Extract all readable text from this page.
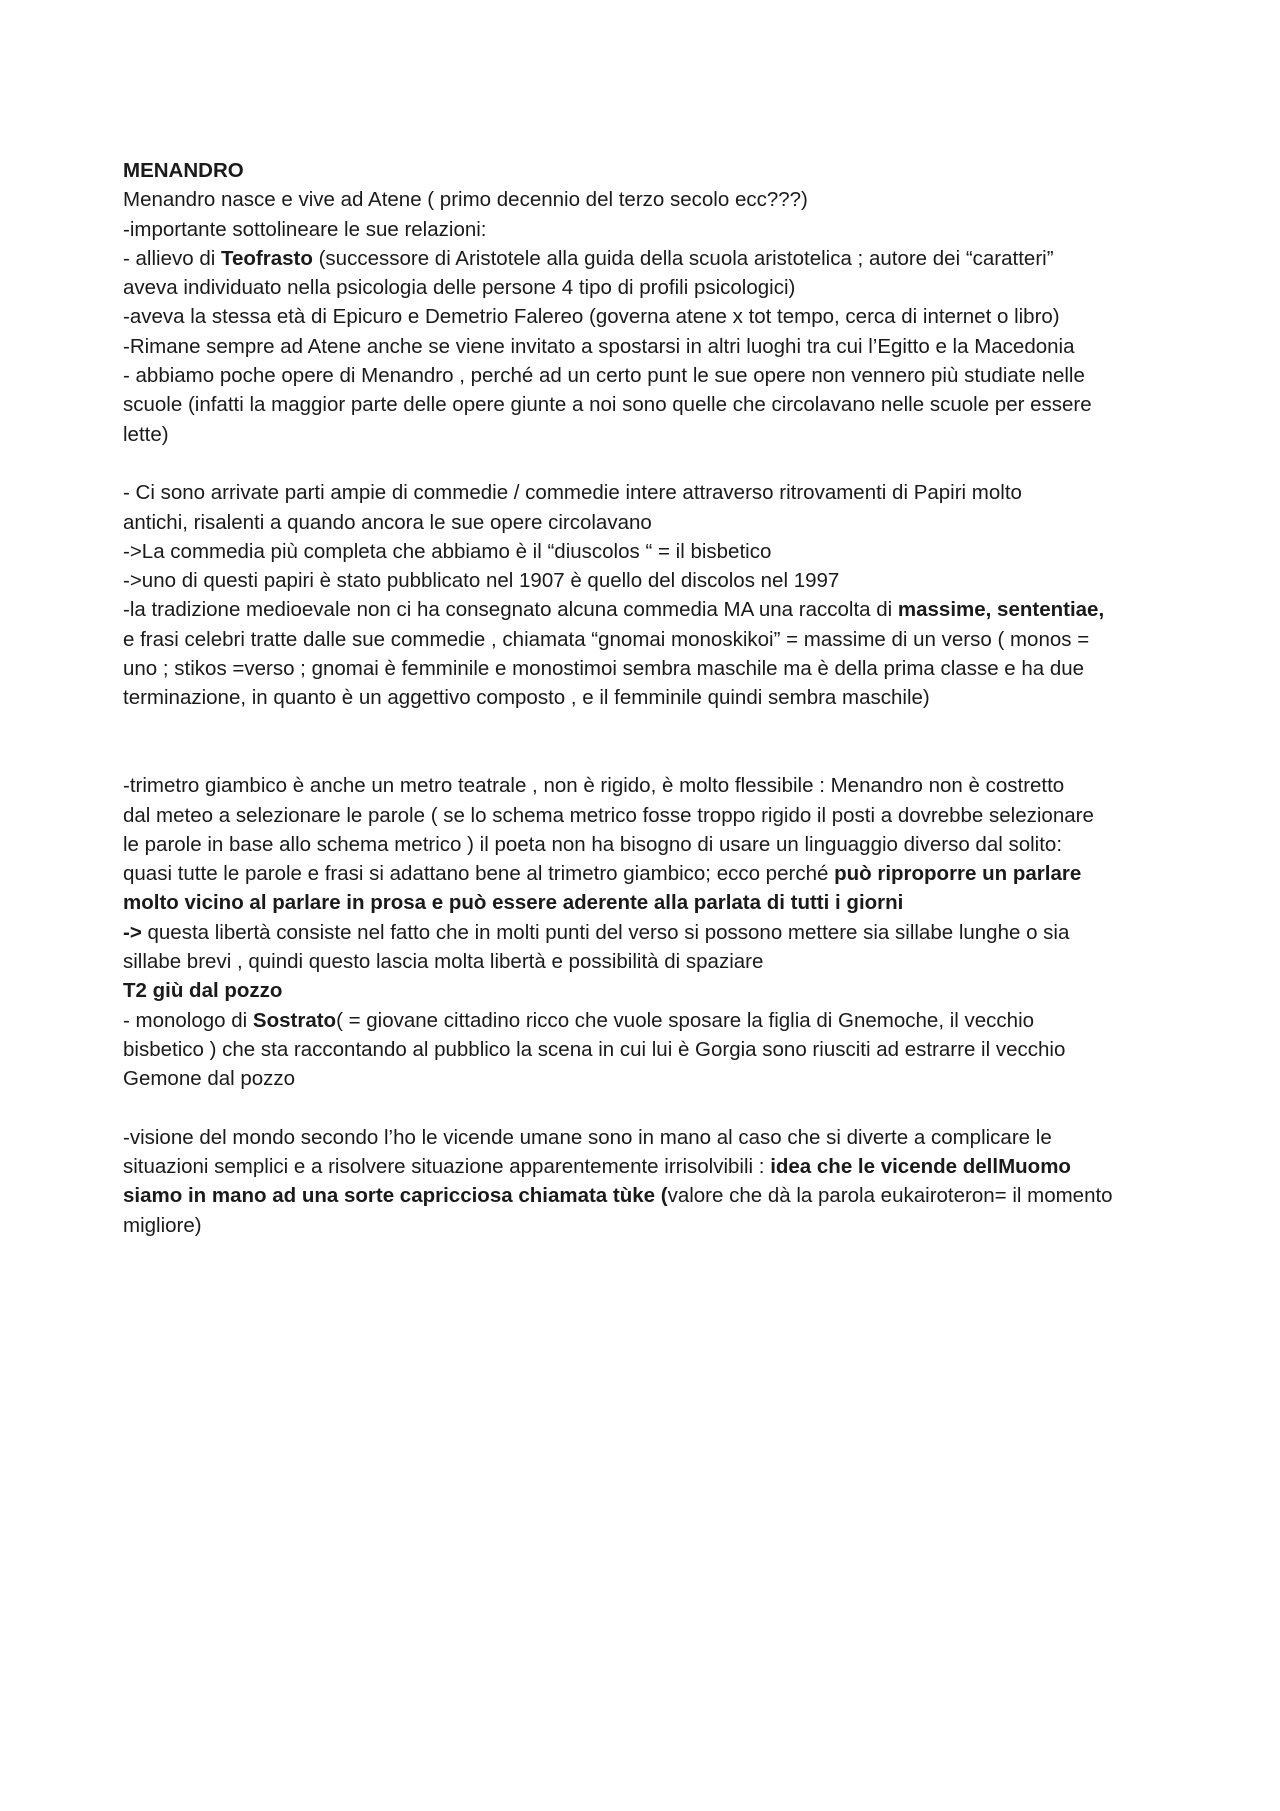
MENANDRO
Menandro nasce e vive ad Atene ( primo decennio del terzo secolo ecc???)
-importante sottolineare le sue relazioni:
- allievo di Teofrasto (successore di Aristotele alla guida della scuola aristotelica ; autore dei “caratteri”
aveva individuato nella psicologia delle persone 4 tipo di profili psicologici)
-aveva la stessa età di Epicuro e Demetrio Falereo (governa atene x tot tempo, cerca di internet o libro)
-Rimane sempre ad Atene anche se viene invitato a spostarsi in altri luoghi tra cui l’Egitto e la Macedonia
- abbiamo poche opere di Menandro , perché ad un certo punt le sue opere non vennero più studiate nelle
scuole (infatti la maggior parte delle opere giunte a noi sono quelle che circolavano nelle scuole per essere
lette)
- Ci sono arrivate parti ampie di commedie / commedie intere attraverso ritrovamenti di Papiri molto
antichi, risalenti a quando ancora le sue opere circolavano
->La commedia più completa che abbiamo è il “diuscolos “ = il bisbetico
->uno di questi papiri è stato pubblicato nel 1907 è quello del discolos nel 1997
-la tradizione medioevale non ci ha consegnato alcuna commedia MA una raccolta di massime, sententiae,
e frasi celebri tratte dalle sue commedie , chiamata “gnomai monoskikoi” = massime di un verso ( monos =
uno ; stikos =verso ; gnomai è femminile e monostimoi sembra maschile ma è della prima classe e ha due
terminazione, in quanto è un aggettivo composto , e il femminile quindi sembra maschile)
-trimetro giambico è anche un metro teatrale , non è rigido, è molto flessibile : Menandro non è costretto
dal meteo a selezionare le parole ( se lo schema metrico fosse troppo rigido il posti a dovrebbe selezionare
le parole in base allo schema metrico ) il poeta non ha bisogno di usare un linguaggio diverso dal solito:
quasi tutte le parole e frasi si adattano bene al trimetro giambico; ecco perché può riproporre un parlare
molto vicino al parlare in prosa e può essere aderente alla parlata di tutti i giorni
-> questa libertà consiste nel fatto che in molti punti del verso si possono mettere sia sillabe lunghe o sia
sillabe brevi , quindi questo lascia molta libertà e possibilità di spaziare
T2 giù dal pozzo
- monologo di Sostrato( = giovane cittadino ricco che vuole sposare la figlia di Gnemoche, il vecchio
bisbetico ) che sta raccontando al pubblico la scena in cui lui è Gorgia sono riusciti ad estrarre il vecchio
Gemone dal pozzo
-visione del mondo secondo l’ho le vicende umane sono in mano al caso che si diverte a complicare le
situazioni semplici e a risolvere situazione apparentemente irrisolvibili : idea che le vicende dellMuomo
siamo in mano ad una sorte capricciosa chiamata tùke (valore che dà la parola eukairoteron= il momento
migliore)
